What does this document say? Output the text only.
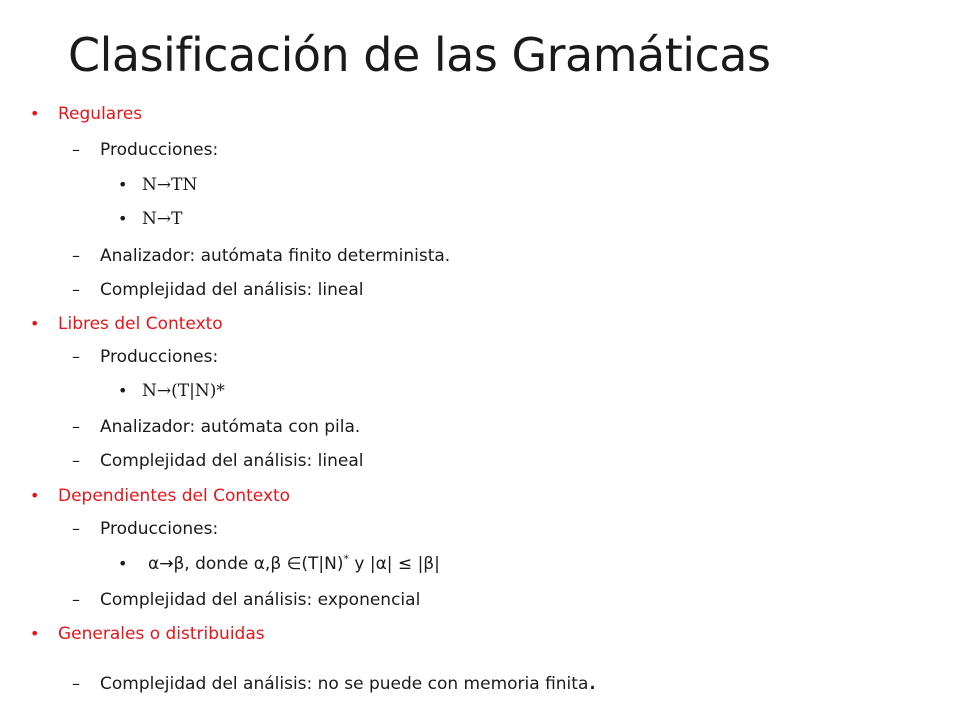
Clasificación de las Gramáticas
• Regulares
– Producciones:
• N→TN
• N→T
– Analizador: autómata finito determinista.
– Complejidad del análisis: lineal
• Libres del Contexto
– Producciones:
• N→(T|N)*
– Analizador: autómata con pila.
– Complejidad del análisis: lineal
• Dependientes del Contexto
– Producciones:
• α→β, donde α,β ∈(T|N)* y |α| ≤ |β|
– Complejidad del análisis: exponencial
• Generales o distribuidas
– Complejidad del análisis: no se puede con memoria finita.
